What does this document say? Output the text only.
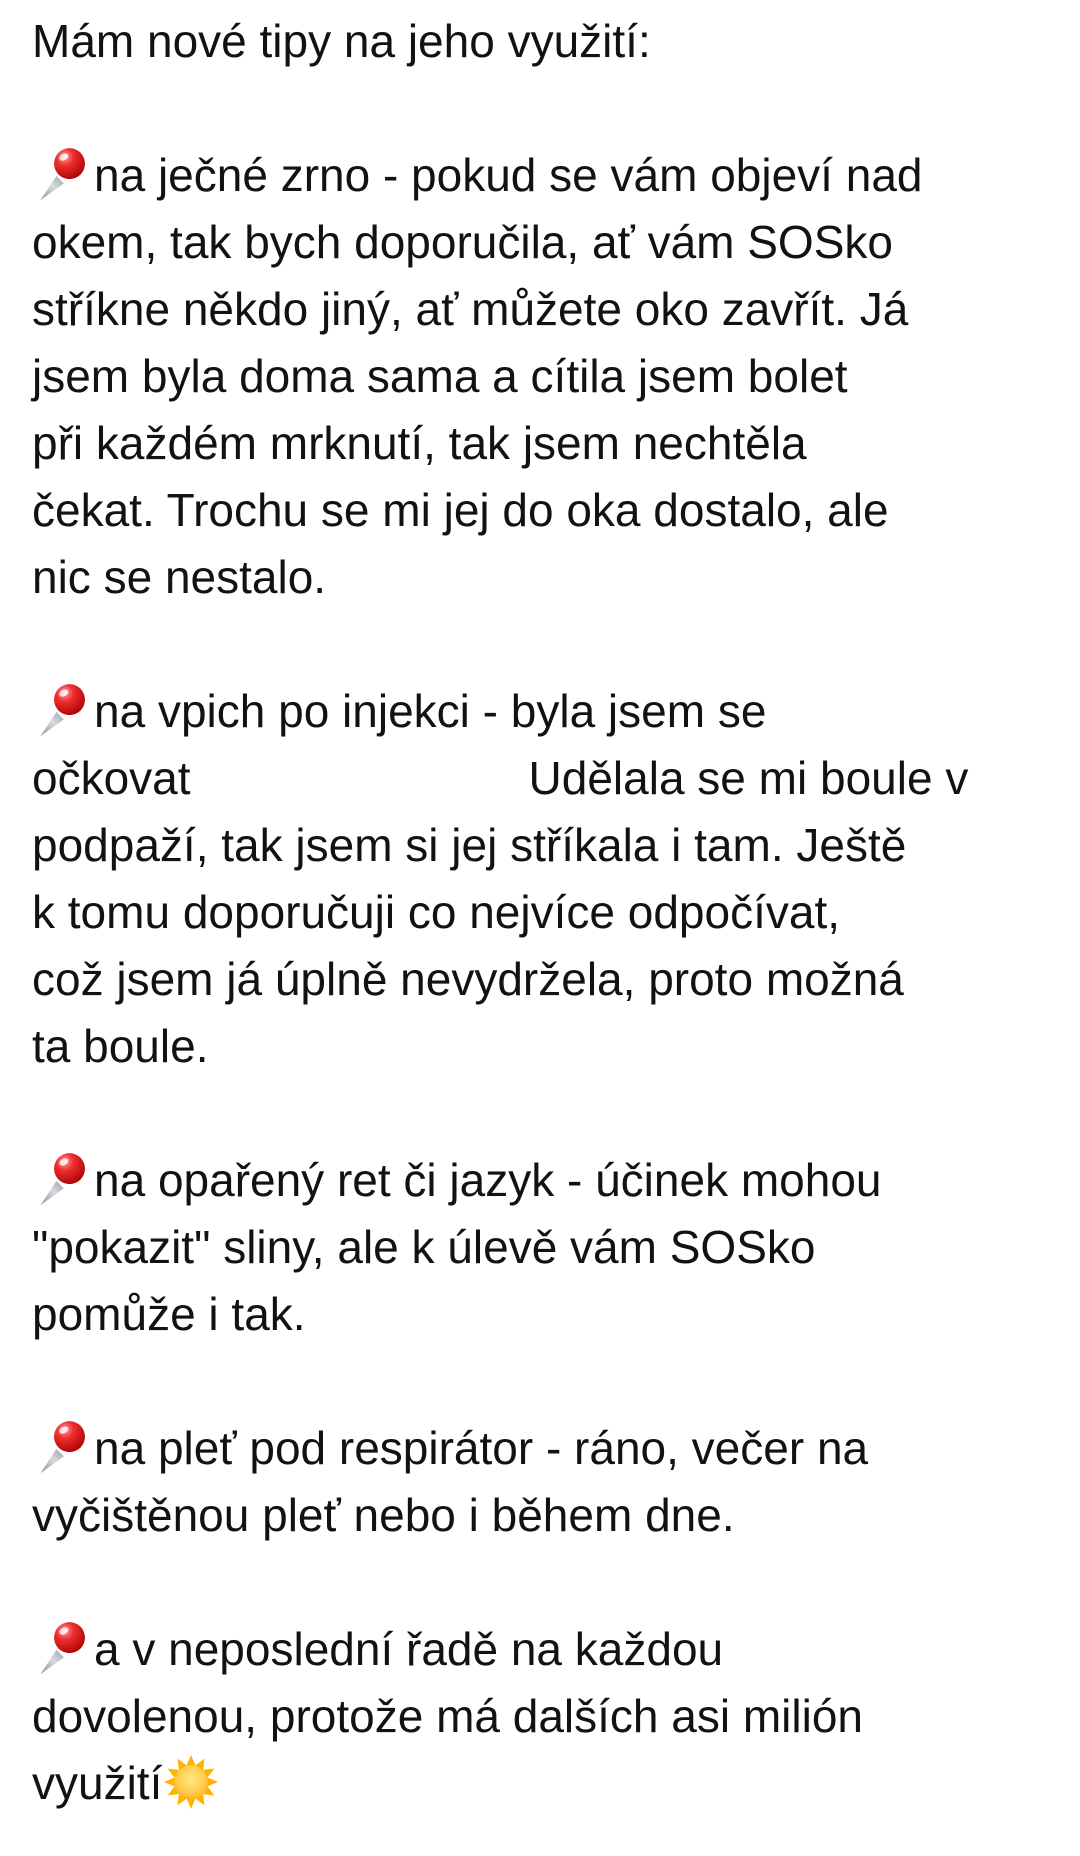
Mám nové tipy na jeho využití:
na ječné zrno - pokud se vám objeví nad
okem, tak bych doporučila, ať vám SOSko
stříkne někdo jiný, ať můžete oko zavřít. Já
jsem byla doma sama a cítila jsem bolet
při každém mrknutí, tak jsem nechtěla
čekat. Trochu se mi jej do oka dostalo, ale
nic se nestalo.
na vpich po injekci - byla jsem se
očkovat	Udělala se mi boule v
podpaží, tak jsem si jej stříkala i tam. Ještě
k tomu doporučuji co nejvíce odpočívat,
což jsem já úplně nevydržela, proto možná
ta boule.
na opařený ret či jazyk - účinek mohou
"pokazit" sliny, ale k úlevě vám SOSko
pomůže i tak.
na pleť pod respirátor - ráno, večer na
vyčištěnou pleť nebo i během dne.
a v neposlední řadě na každou
dovolenou, protože má dalších asi milión
využití
